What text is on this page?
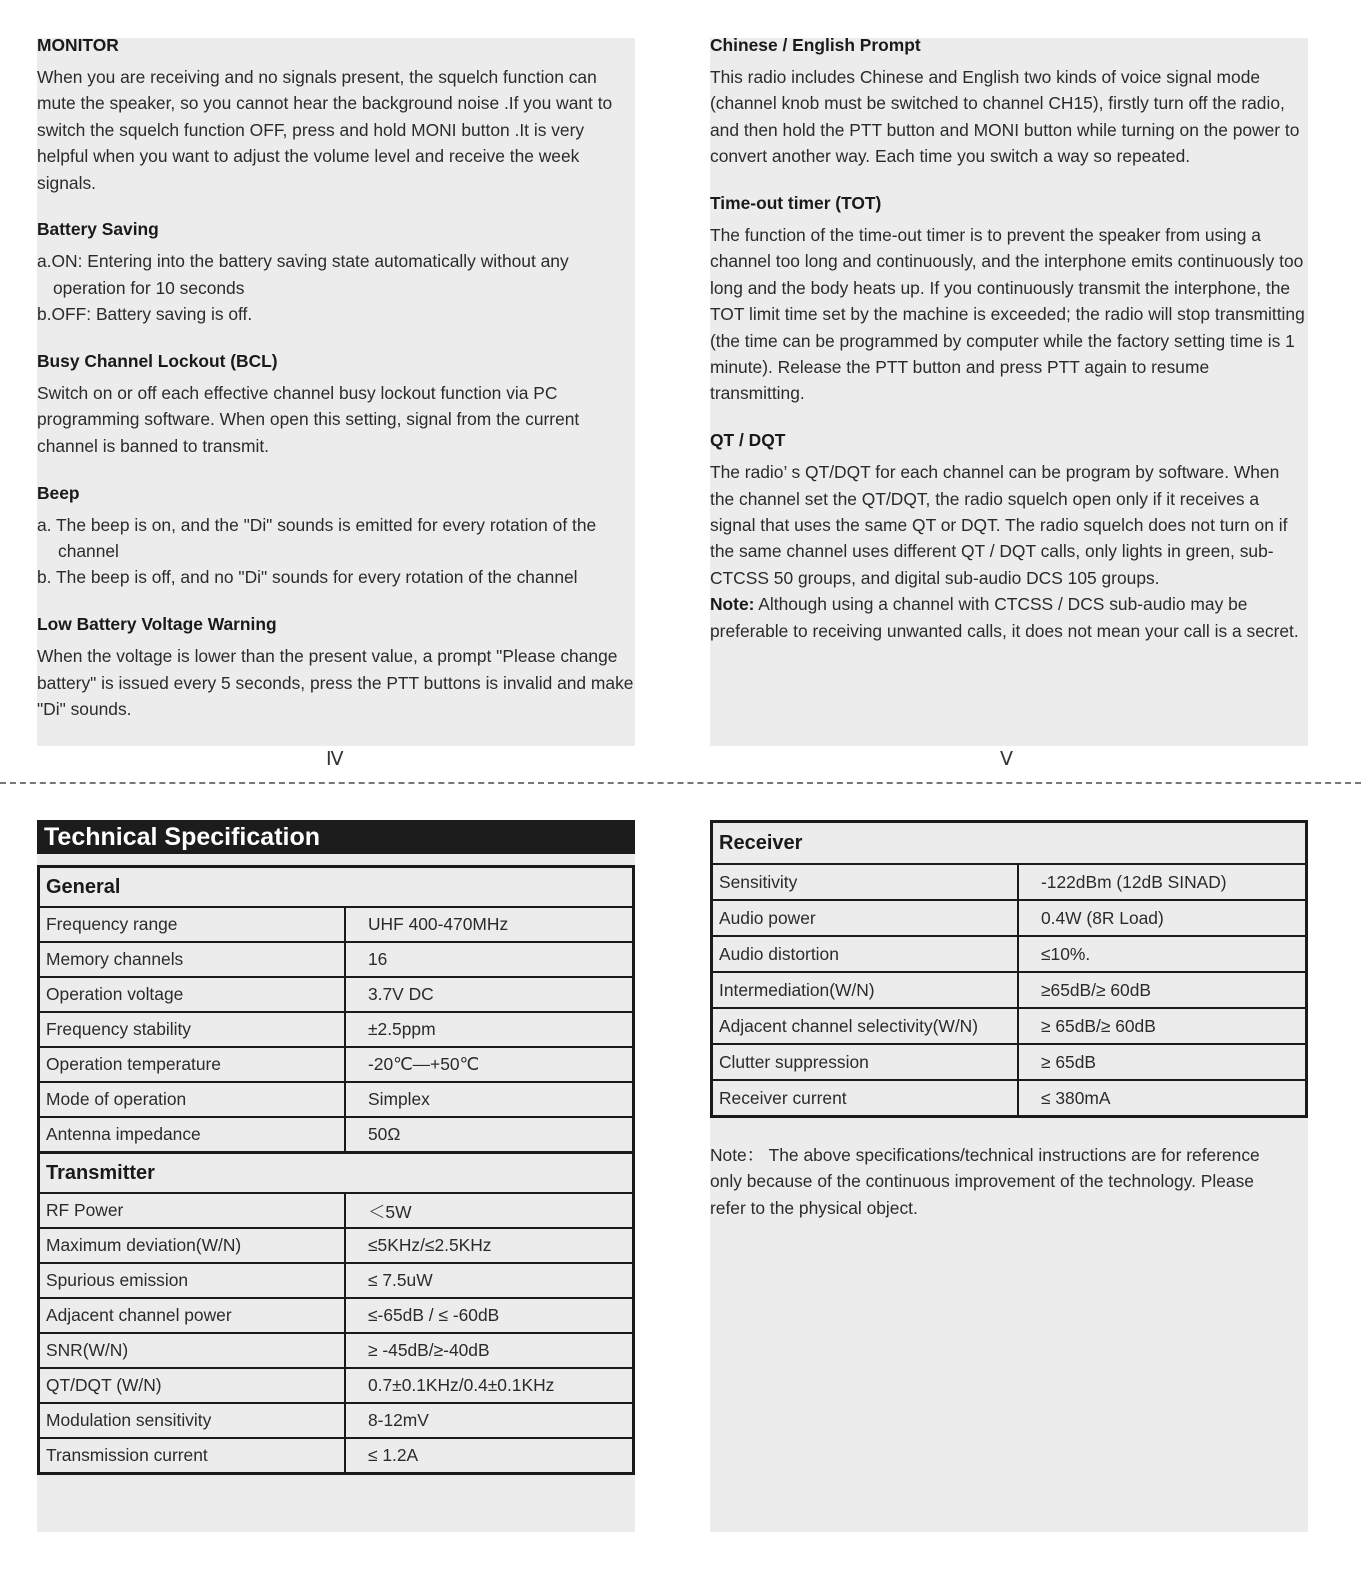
MONITOR

When you are receiving and no signals present, the squelch function can mute the speaker, so you cannot hear the background noise .If you want to switch the squelch function OFF, press and hold MONI button .It is very helpful when you want to adjust the volume level and receive the week signals.

Battery Saving

a.ON: Entering into the battery saving state automatically without any operation for 10 seconds

b.OFF: Battery saving is off.

Busy Channel Lockout (BCL)

Switch on or off each effective channel busy lockout function via PC programming software. When open this setting, signal from the current channel is banned to transmit.

Beep

a. The beep is on, and the "Di" sounds is emitted for every rotation of the channel

b. The beep is off, and no "Di" sounds for every rotation of the channel

Low Battery Voltage Warning

When the voltage is lower than the present value, a prompt "Please change battery" is issued every 5 seconds, press the PTT buttons is invalid and make "Di" sounds.

Ⅳ
Chinese / English Prompt

This radio includes Chinese and English two kinds of voice signal mode (channel knob must be switched to channel CH15), firstly turn off the radio, and then hold the PTT button and MONI button while turning on the power to convert another way. Each time you switch a way so repeated.

Time-out timer (TOT)

The function of the time-out timer is to prevent the speaker from using a channel too long and continuously, and the interphone emits continuously too long and the body heats up. If you continuously transmit the interphone, the TOT limit time set by the machine is exceeded; the radio will stop transmitting (the time can be programmed by computer while the factory setting time is 1 minute). Release the PTT button and press PTT again to resume transmitting.

QT / DQT

The radio’ s QT/DQT for each channel can be program by software. When the channel set the QT/DQT, the radio squelch open only if it receives a signal that uses the same QT or DQT. The radio squelch does not turn on if the same channel uses different QT / DQT calls, only lights in green, sub-CTCSS 50 groups, and digital sub-audio DCS 105 groups.

Note: Although using a channel with CTCSS / DCS sub-audio may be preferable to receiving unwanted calls, it does not mean your call is a secret.

Ⅴ
Technical Specification
General	
Frequency range	UHF 400-470MHz
Memory channels	16
Operation voltage	3.7V DC
Frequency stability	±2.5ppm
Operation temperature	-20℃—+50℃
Mode of operation	Simplex
Antenna impedance	50Ω
Transmitter	
RF Power	＜5W
Maximum deviation(W/N)	≤5KHz/≤2.5KHz
Spurious emission	≤ 7.5uW
Adjacent channel power	≤-65dB / ≤ -60dB
SNR(W/N)	≥ -45dB/≥-40dB
QT/DQT (W/N)	0.7±0.1KHz/0.4±0.1KHz
Modulation sensitivity	8-12mV
Transmission current	≤ 1.2A
Receiver	
Sensitivity	-122dBm (12dB SINAD)
Audio power	0.4W (8R Load)
Audio distortion	≤10%.
Intermediation(W/N)	≥65dB/≥ 60dB
Adjacent channel selectivity(W/N)	≥ 65dB/≥ 60dB
Clutter suppression	≥ 65dB
Receiver current	≤ 380mA
Note： The above specifications/technical instructions are for reference only because of the continuous improvement of the technology. Please refer to the physical object.
